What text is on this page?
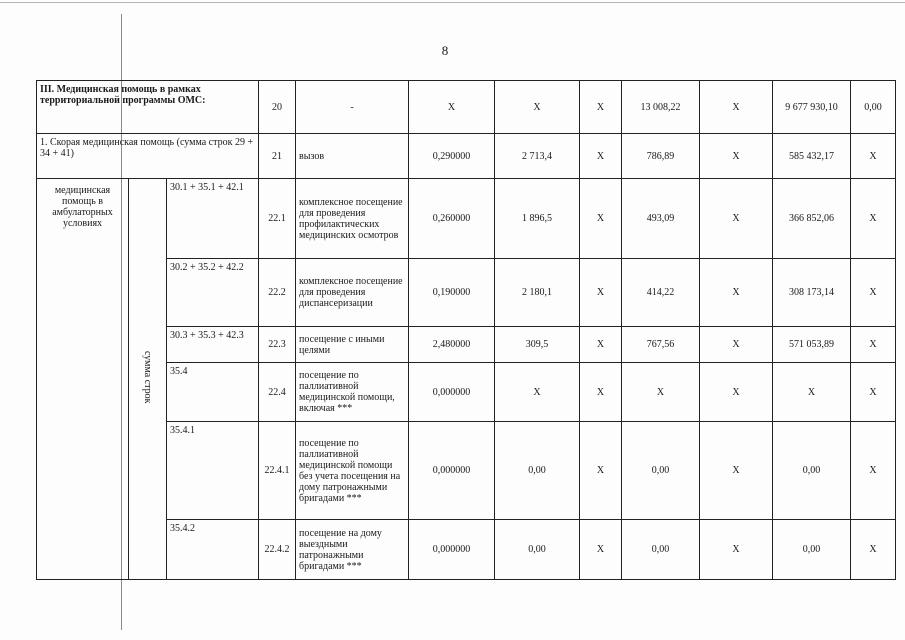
8
III. Медицинская помощь в рамках территориальной программы ОМС:			20	-	X	X	X	13 008,22	X	9 677 930,10	0,00
1. Скорая медицинская помощь (сумма строк 29 + 34 + 41)			21	вызов	0,290000	2 713,4	X	786,89	X	585 432,17	X
медицинская помощь в амбулаторных условиях	сумма строк	30.1 + 35.1 + 42.1	22.1	комплексное посещение для проведения профилактических медицинских осмотров	0,260000	1 896,5	X	493,09	X	366 852,06	X
		30.2 + 35.2 + 42.2	22.2	комплексное посещение для проведения диспансеризации	0,190000	2 180,1	X	414,22	X	308 173,14	X
		30.3 + 35.3 + 42.3	22.3	посещение с иными целями	2,480000	309,5	X	767,56	X	571 053,89	X
		35.4	22.4	посещение по паллиативной медицинской помощи, включая ***	0,000000	X	X	X	X	X	X
		35.4.1	22.4.1	посещение по паллиативной медицинской помощи без учета посещения на дому патронажными бригадами ***	0,000000	0,00	X	0,00	X	0,00	X
		35.4.2	22.4.2	посещение на дому выездными патронажными бригадами ***	0,000000	0,00	X	0,00	X	0,00	X
